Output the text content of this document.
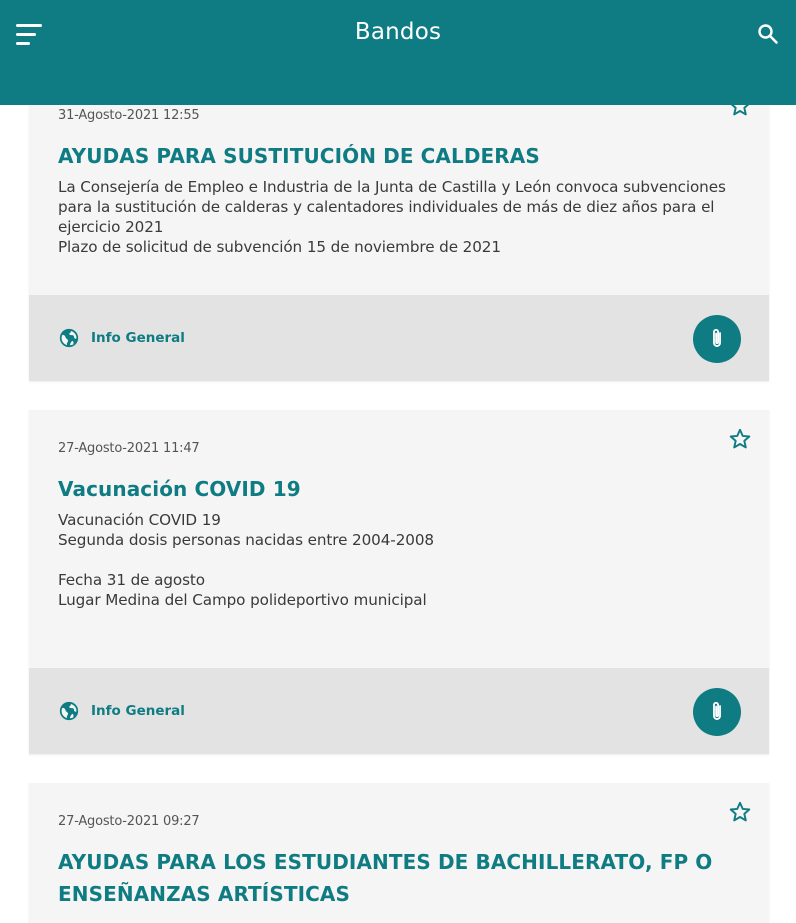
31-Agosto-2021 12:55
AYUDAS PARA SUSTITUCIÓN DE CALDERAS
La Consejería de Empleo e Industria de la Junta de Castilla y León convoca subvenciones para la sustitución de calderas y calentadores individuales de más de diez años para el ejercicio 2021
Plazo de solicitud de subvención 15 de noviembre de 2021
Info General
27-Agosto-2021 11:47
Vacunación COVID 19
Vacunación COVID 19
Segunda dosis personas nacidas entre 2004-2008

Fecha 31 de agosto
Lugar Medina del Campo polideportivo municipal
Info General
27-Agosto-2021 09:27
AYUDAS PARA LOS ESTUDIANTES DE BACHILLERATO, FP O ENSEÑANZAS ARTÍSTICAS
Bandos
